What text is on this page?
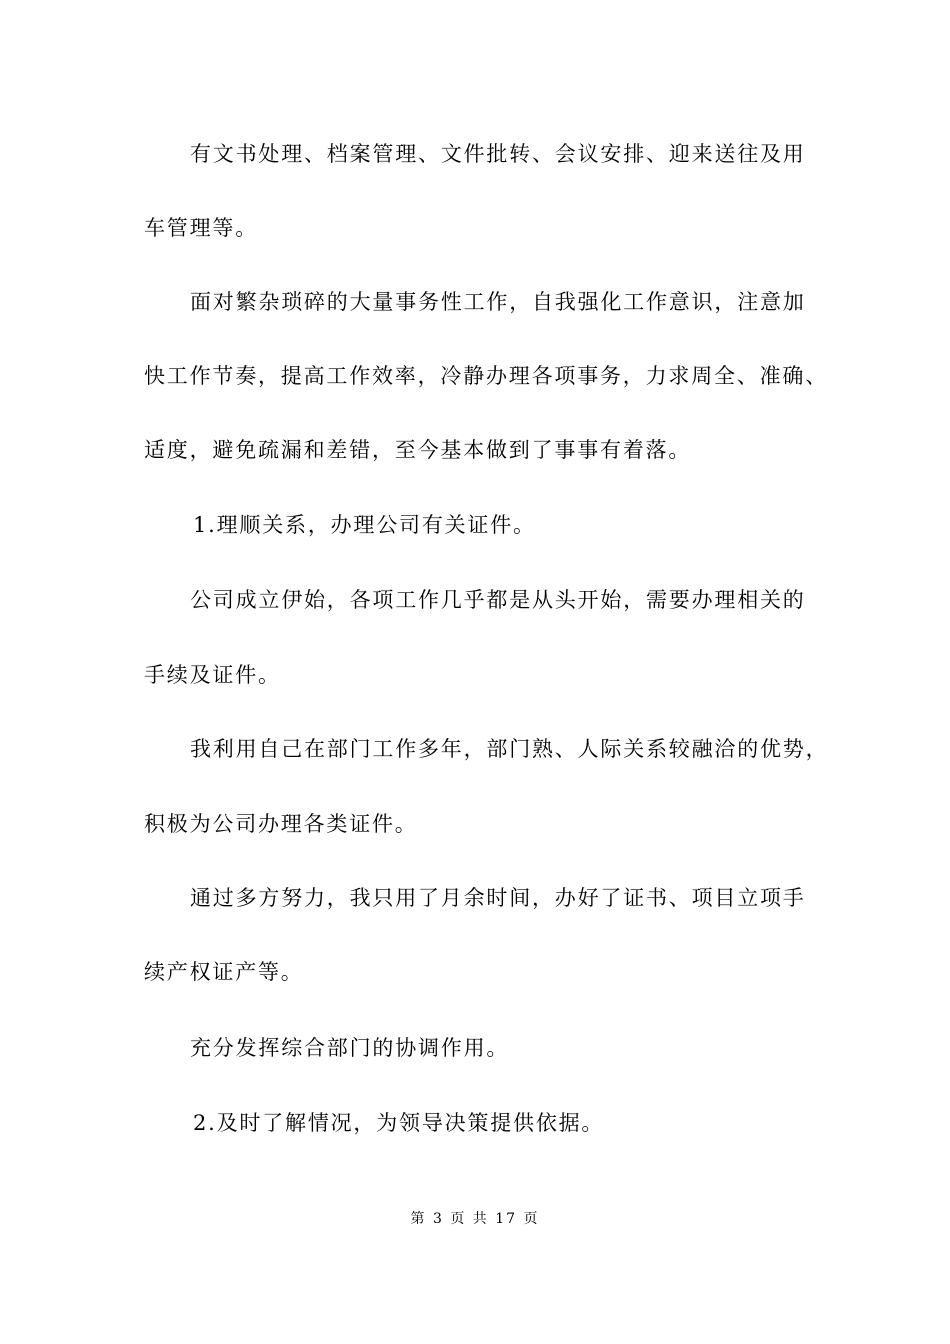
有文书处理、档案管理、文件批转、会议安排、迎来送往及用
车管理等。
面对繁杂琐碎的大量事务性工作，自我强化工作意识，注意加
快工作节奏，提高工作效率，冷静办理各项事务，力求周全、准确、
适度，避免疏漏和差错，至今基本做到了事事有着落。
1.理顺关系，办理公司有关证件。
公司成立伊始，各项工作几乎都是从头开始，需要办理相关的
手续及证件。
我利用自己在部门工作多年，部门熟、人际关系较融洽的优势，
积极为公司办理各类证件。
通过多方努力，我只用了月余时间，办好了证书、项目立项手
续产权证产等。
充分发挥综合部门的协调作用。
2.及时了解情况，为领导决策提供依据。
第 3 页 共 17 页
